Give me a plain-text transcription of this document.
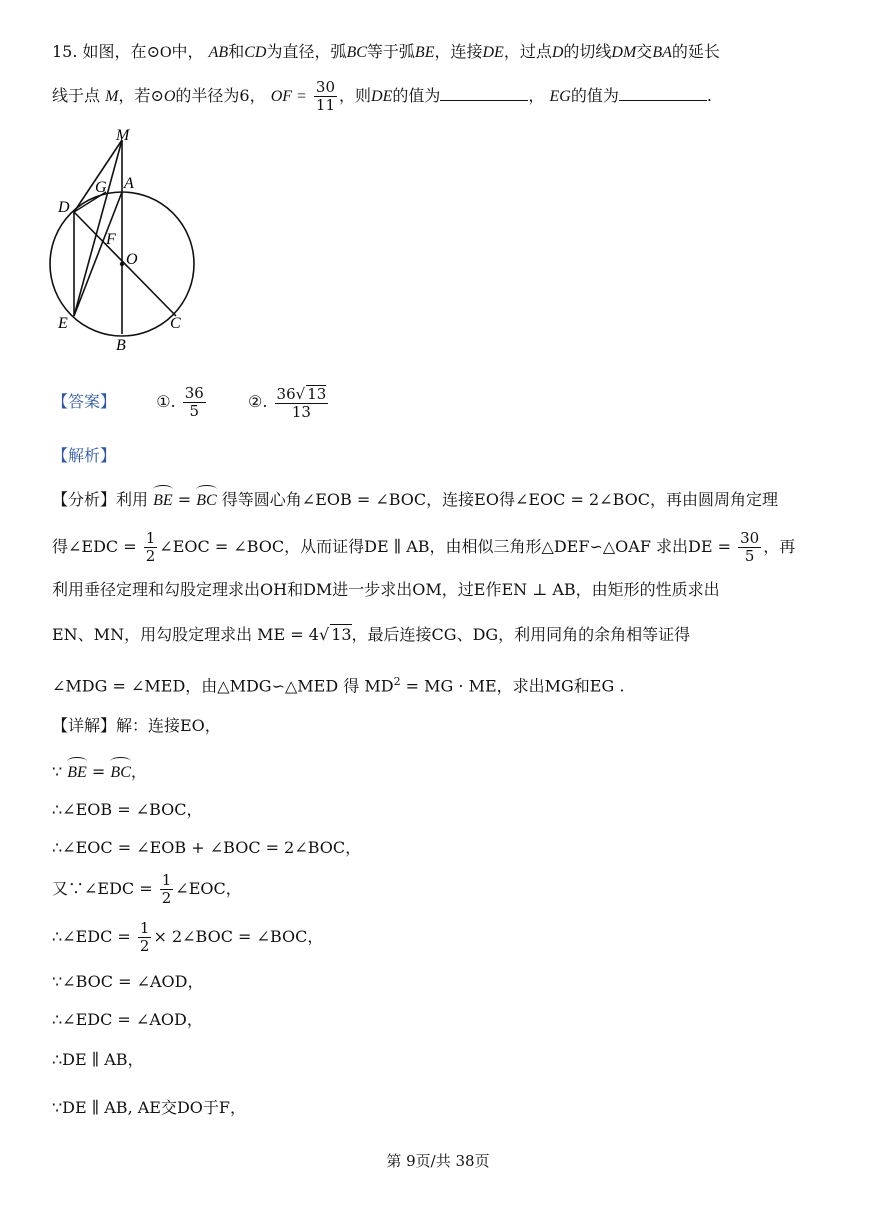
15. 如图，在⊙O中， AB和CD为直径，弧BC等于弧BE，连接DE，过点D的切线DM交BA的延长
线于点 M，若⊙O的半径为6， OF = $\frac{30}{11}$ ，则DE的值为	， EG的值为	.
M
G A
D
F
O
E	C
B
【答案】	①. $\frac{36}{5}$	②. $\frac{36√ 13}{13}$
【解析】
【分析】利用 BE = BC 得等圆心角∠EOB = ∠BOC，连接EO得∠EOC = 2∠BOC，再由圆周角定理
得∠EDC = $\frac{1}{2}$ ∠EOC = ∠BOC，从而证得DE ∥ AB，由相似三角形△DEF∽△OAF 求出DE = $\frac{30}{5}$ ，再
利用垂径定理和勾股定理求出OH和DM进一步求出OM，过E作EN ⊥ AB，由矩形的性质求出
EN、MN，用勾股定理求出 ME = 4√ 13，最后连接CG、DG，利用同角的余角相等证得
∠MDG = ∠MED，由△MDG∽△MED 得 $MD^2$ = MG · ME，求出MG和EG .
【详解】解：连接EO，
∵ BE = BC，
∴∠EOB = ∠BOC，
∴∠EOC = ∠EOB + ∠BOC = 2∠BOC，
又∵∠EDC = $\frac{1}{2}$ ∠EOC，
∴∠EDC = $\frac{1}{2}$ × 2∠BOC = ∠BOC，
∵∠BOC = ∠AOD，
∴∠EDC = ∠AOD，
∴DE ∥ AB，
∵DE ∥ AB, AE交DO于F，
第 9页/共 38页
